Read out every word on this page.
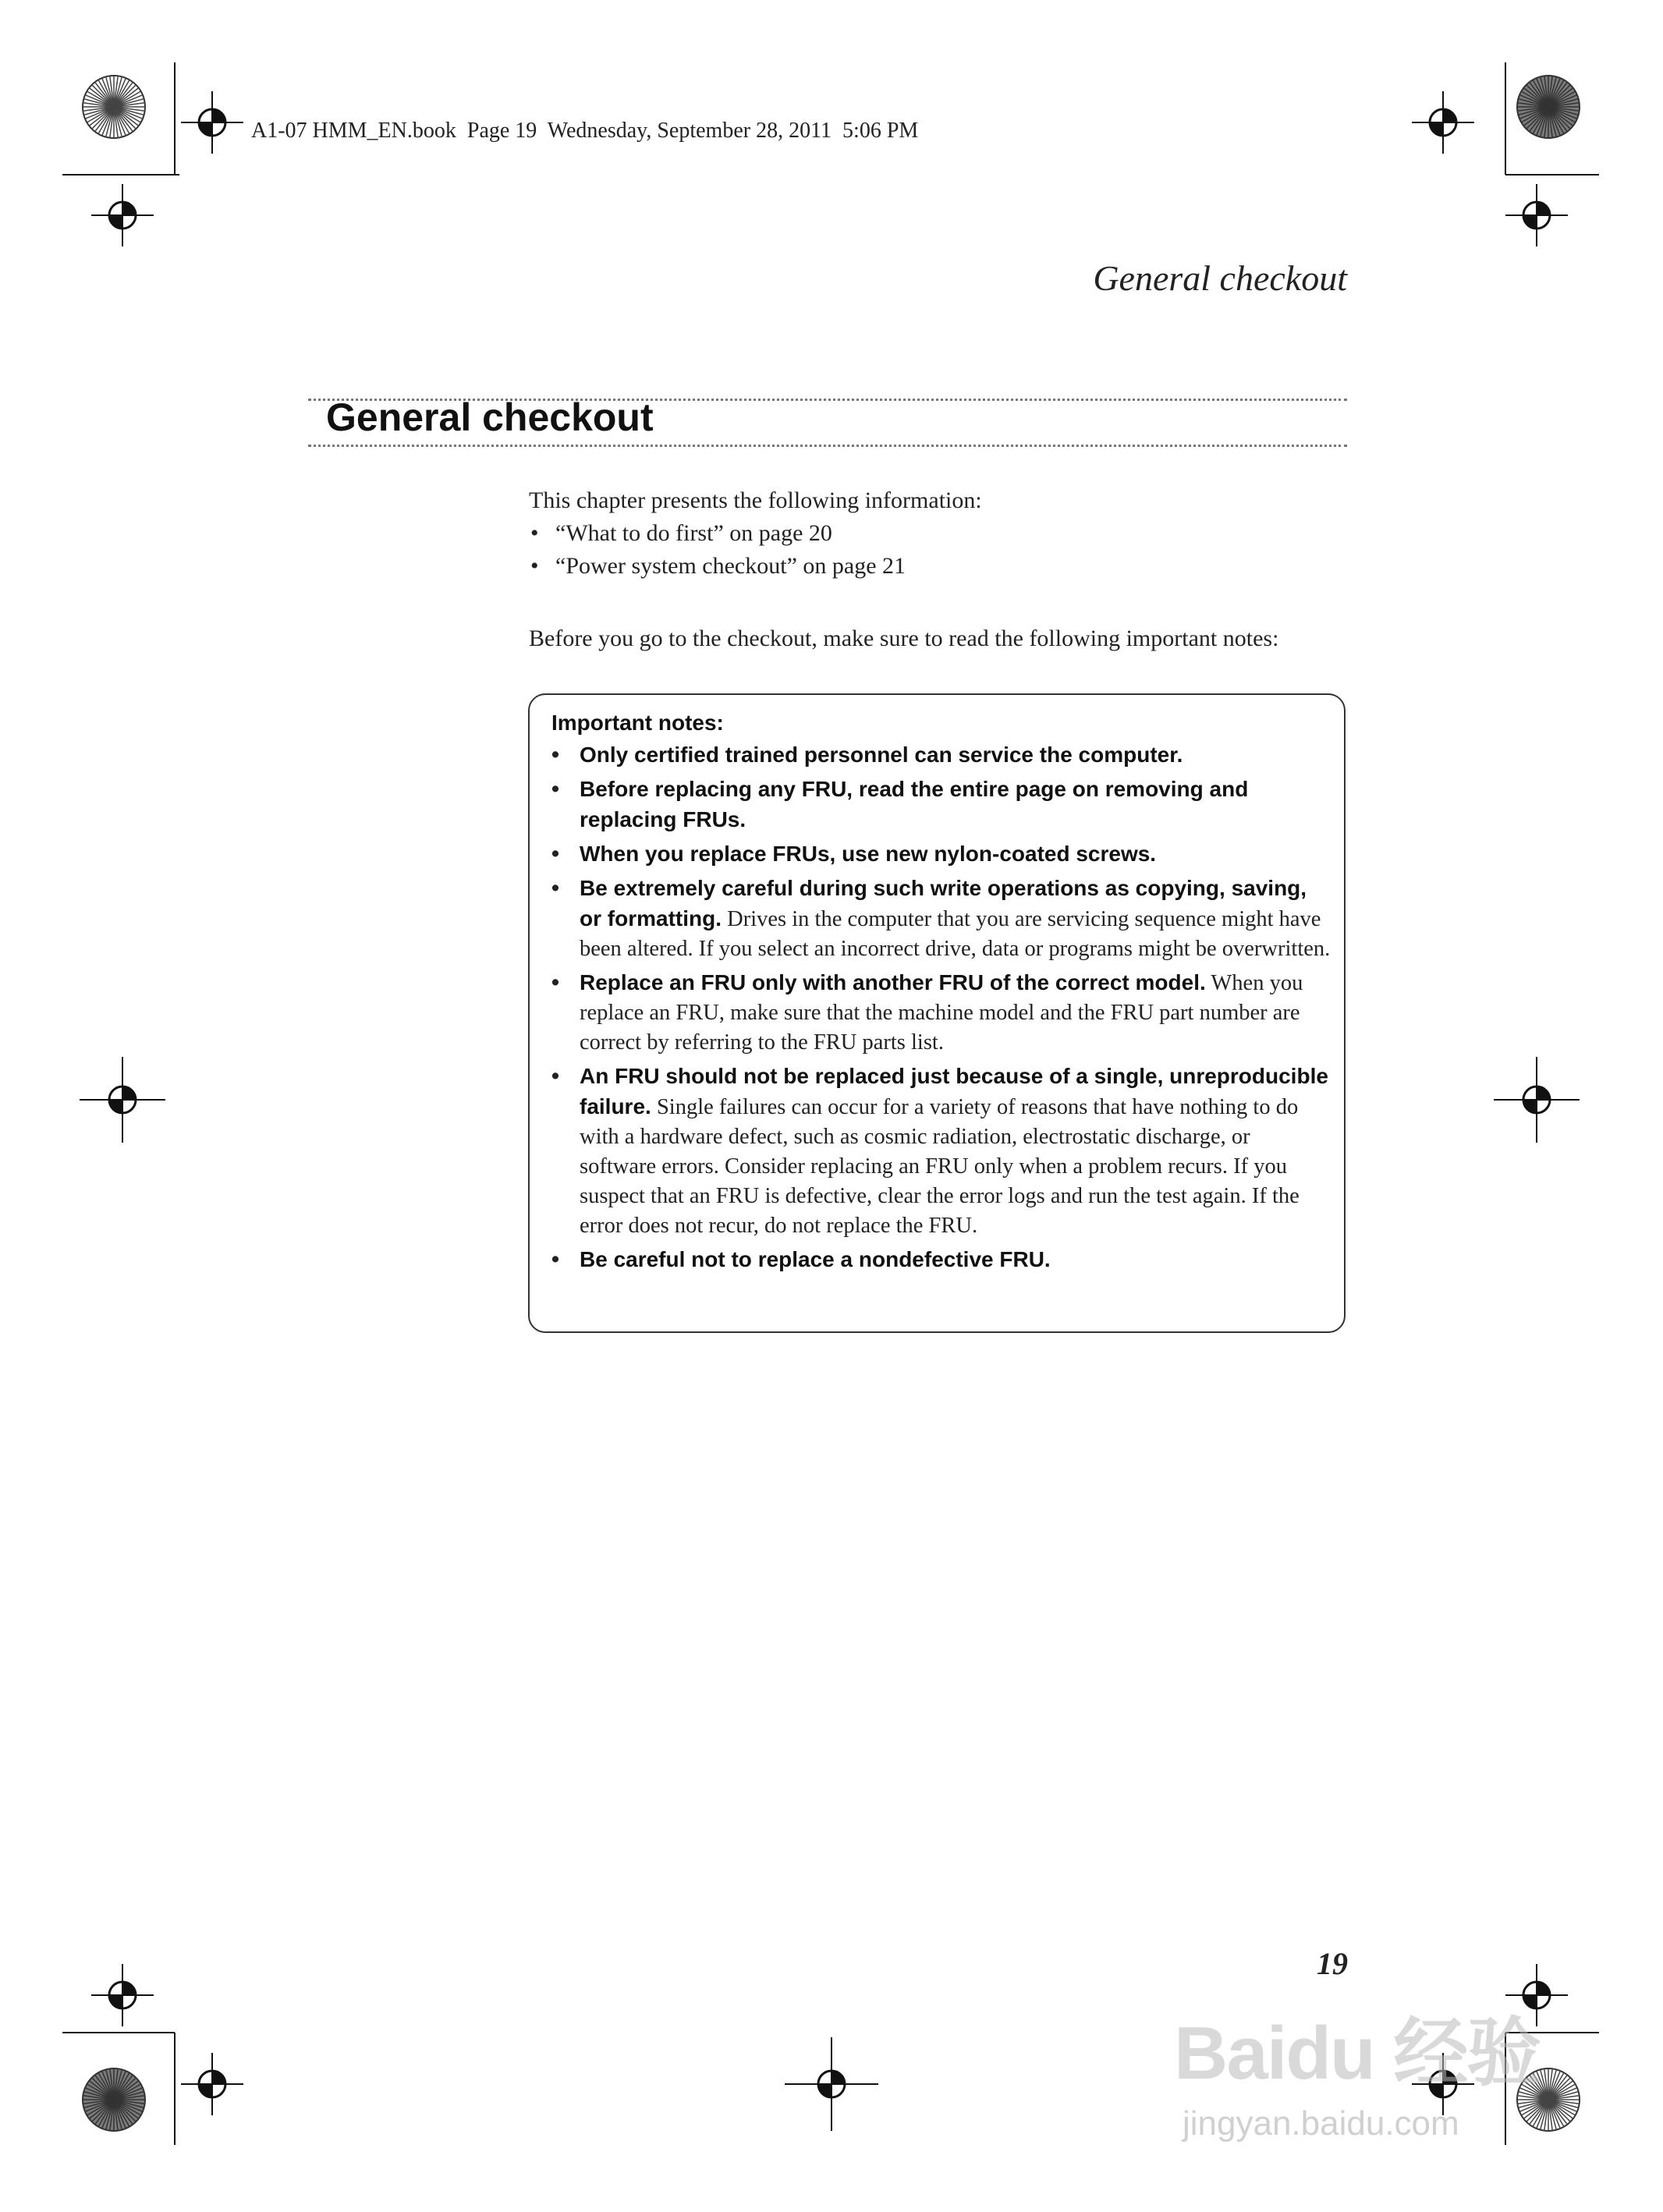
A1-07 HMM_EN.book  Page 19  Wednesday, September 28, 2011  5:06 PM
General checkout
General checkout
This chapter presents the following information:
• “What to do first” on page 20
• “Power system checkout” on page 21
Before you go to the checkout, make sure to read the following important notes:
Important notes:
• Only certified trained personnel can service the computer.
• Before replacing any FRU, read the entire page on removing and replacing FRUs.
• When you replace FRUs, use new nylon-coated screws.
• Be extremely careful during such write operations as copying, saving, or formatting. Drives in the computer that you are servicing sequence might have been altered. If you select an incorrect drive, data or programs might be overwritten.
• Replace an FRU only with another FRU of the correct model. When you replace an FRU, make sure that the machine model and the FRU part number are correct by referring to the FRU parts list.
• An FRU should not be replaced just because of a single, unreproducible failure. Single failures can occur for a variety of reasons that have nothing to do with a hardware defect, such as cosmic radiation, electrostatic discharge, or software errors. Consider replacing an FRU only when a problem recurs. If you suspect that an FRU is defective, clear the error logs and run the test again. If the error does not recur, do not replace the FRU.
• Be careful not to replace a nondefective FRU.
19
Baidu 经验
jingyan.baidu.com
